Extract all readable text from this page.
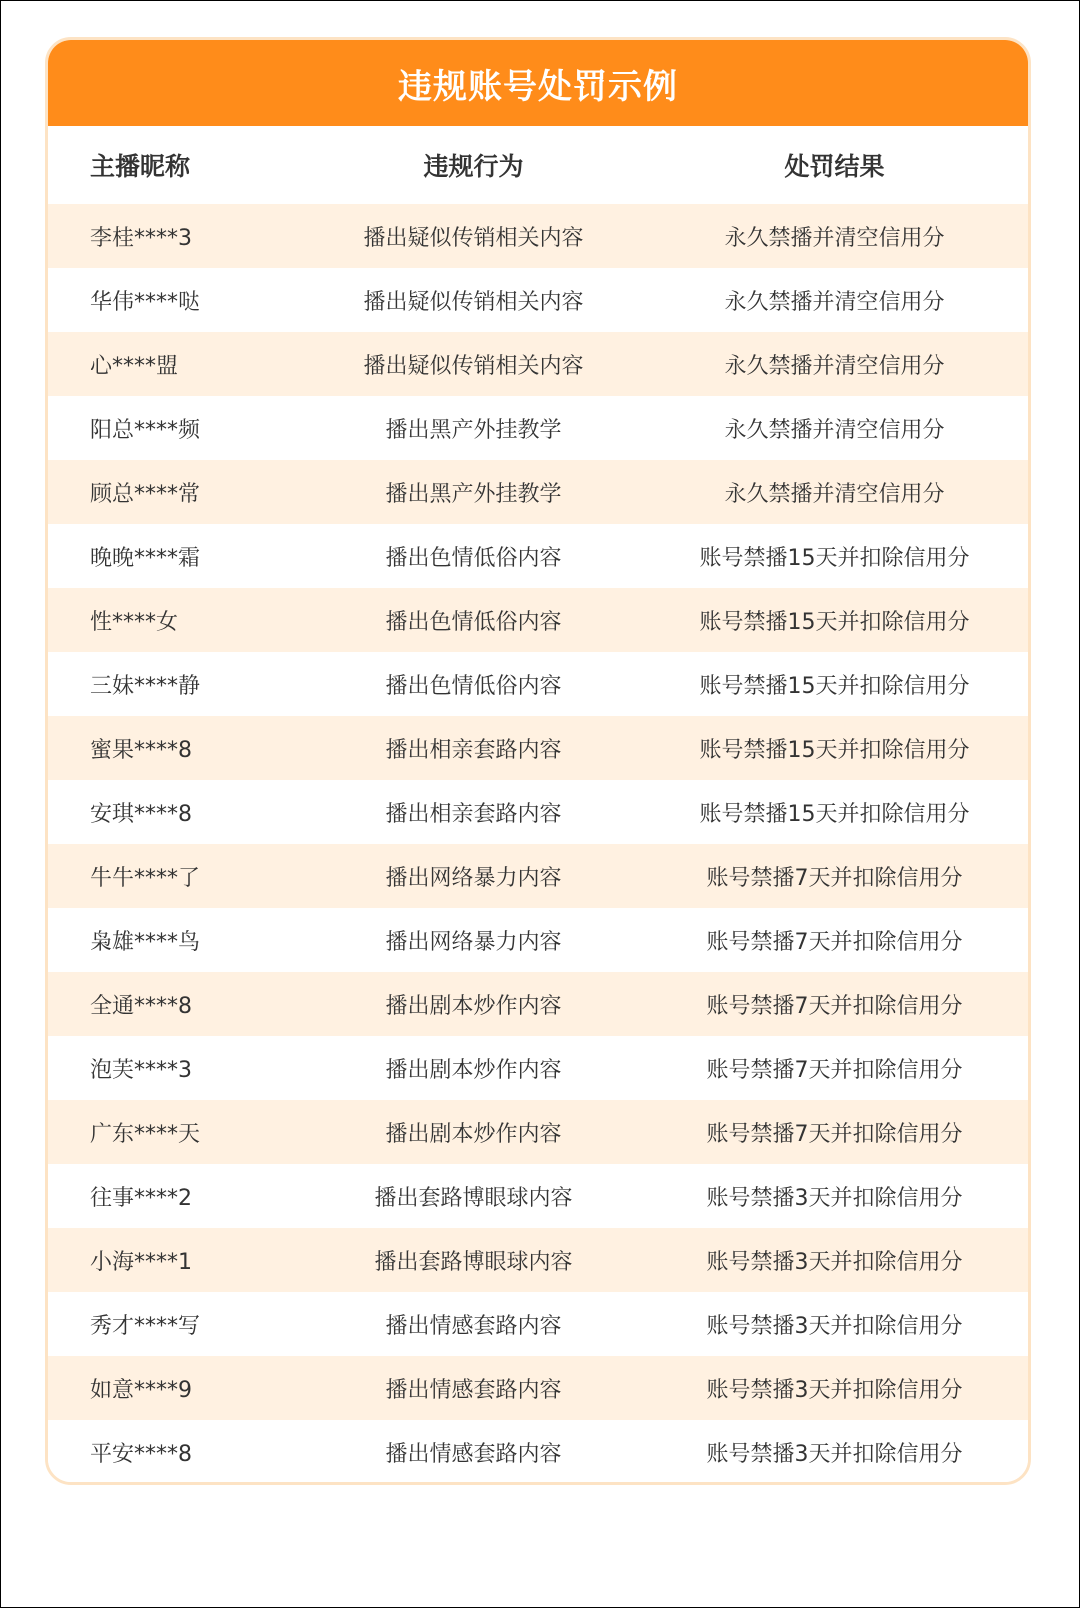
违规账号处罚示例
主播昵称	违规行为	处罚结果
李桂****3	播出疑似传销相关内容	永久禁播并清空信用分
华伟****哒	播出疑似传销相关内容	永久禁播并清空信用分
心****盟	播出疑似传销相关内容	永久禁播并清空信用分
阳总****频	播出黑产外挂教学	永久禁播并清空信用分
顾总****常	播出黑产外挂教学	永久禁播并清空信用分
晚晚****霜	播出色情低俗内容	账号禁播15天并扣除信用分
性****女	播出色情低俗内容	账号禁播15天并扣除信用分
三妹****静	播出色情低俗内容	账号禁播15天并扣除信用分
蜜果****8	播出相亲套路内容	账号禁播15天并扣除信用分
安琪****8	播出相亲套路内容	账号禁播15天并扣除信用分
牛牛****了	播出网络暴力内容	账号禁播7天并扣除信用分
枭雄****鸟	播出网络暴力内容	账号禁播7天并扣除信用分
全通****8	播出剧本炒作内容	账号禁播7天并扣除信用分
泡芙****3	播出剧本炒作内容	账号禁播7天并扣除信用分
广东****天	播出剧本炒作内容	账号禁播7天并扣除信用分
往事****2	播出套路博眼球内容	账号禁播3天并扣除信用分
小海****1	播出套路博眼球内容	账号禁播3天并扣除信用分
秀才****写	播出情感套路内容	账号禁播3天并扣除信用分
如意****9	播出情感套路内容	账号禁播3天并扣除信用分
平安****8	播出情感套路内容	账号禁播3天并扣除信用分
